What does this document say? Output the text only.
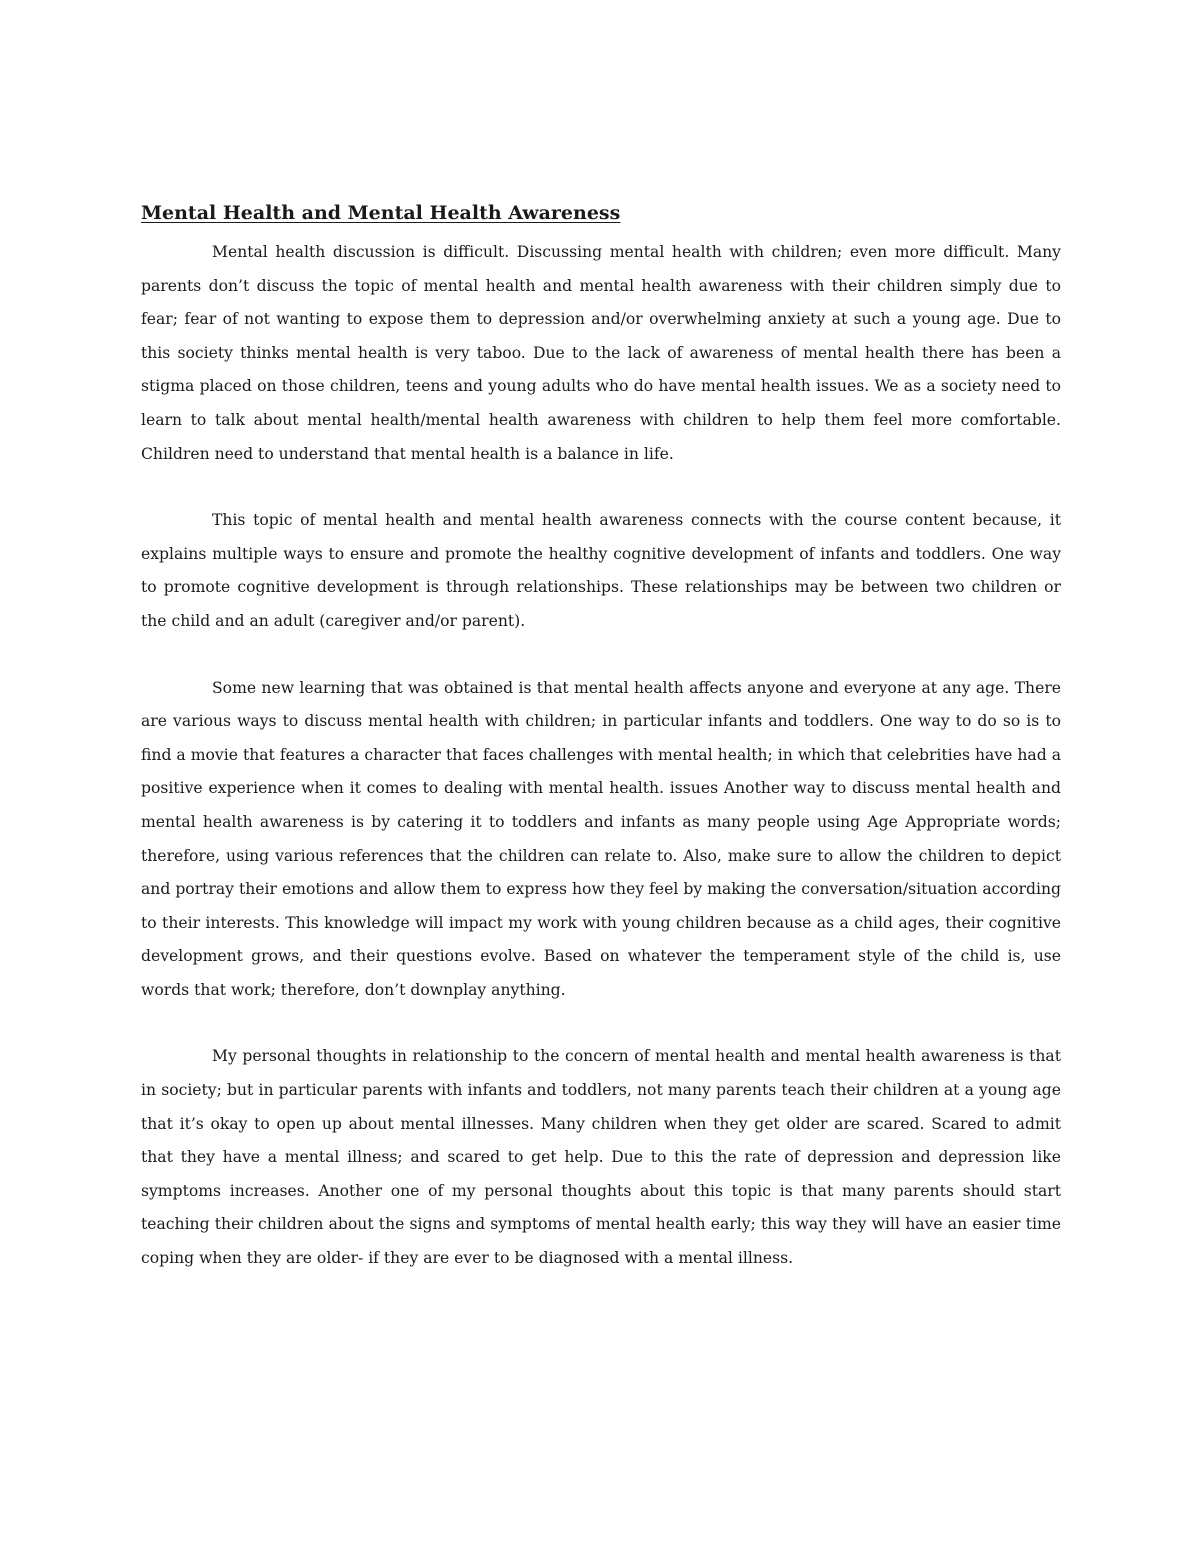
Mental Health and Mental Health Awareness

Mental health discussion is difficult. Discussing mental health with children; even more difficult. Many parents don’t discuss the topic of mental health and mental health awareness with their children simply due to fear; fear of not wanting to expose them to depression and/or overwhelming anxiety at such a young age. Due to this society thinks mental health is very taboo. Due to the lack of awareness of mental health there has been a stigma placed on those children, teens and young adults who do have mental health issues. We as a society need to learn to talk about mental health/mental health awareness with children to help them feel more comfortable. Children need to understand that mental health is a balance in life.

This topic of mental health and mental health awareness connects with the course content because, it explains multiple ways to ensure and promote the healthy cognitive development of infants and toddlers. One way to promote cognitive development is through relationships. These relationships may be between two children or the child and an adult (caregiver and/or parent).

Some new learning that was obtained is that mental health affects anyone and everyone at any age. There are various ways to discuss mental health with children; in particular infants and toddlers. One way to do so is to find a movie that features a character that faces challenges with mental health; in which that celebrities have had a positive experience when it comes to dealing with mental health. issues Another way to discuss mental health and mental health awareness is by catering it to toddlers and infants as many people using Age Appropriate words; therefore, using various references that the children can relate to. Also, make sure to allow the children to depict and portray their emotions and allow them to express how they feel by making the conversation/situation according to their interests. This knowledge will impact my work with young children because as a child ages, their cognitive development grows, and their questions evolve. Based on whatever the temperament style of the child is, use words that work; therefore, don’t downplay anything.

My personal thoughts in relationship to the concern of mental health and mental health awareness is that in society; but in particular parents with infants and toddlers, not many parents teach their children at a young age that it’s okay to open up about mental illnesses. Many children when they get older are scared. Scared to admit that they have a mental illness; and scared to get help. Due to this the rate of depression and depression like symptoms increases. Another one of my personal thoughts about this topic is that many parents should start teaching their children about the signs and symptoms of mental health early; this way they will have an easier time coping when they are older- if they are ever to be diagnosed with a mental illness.
